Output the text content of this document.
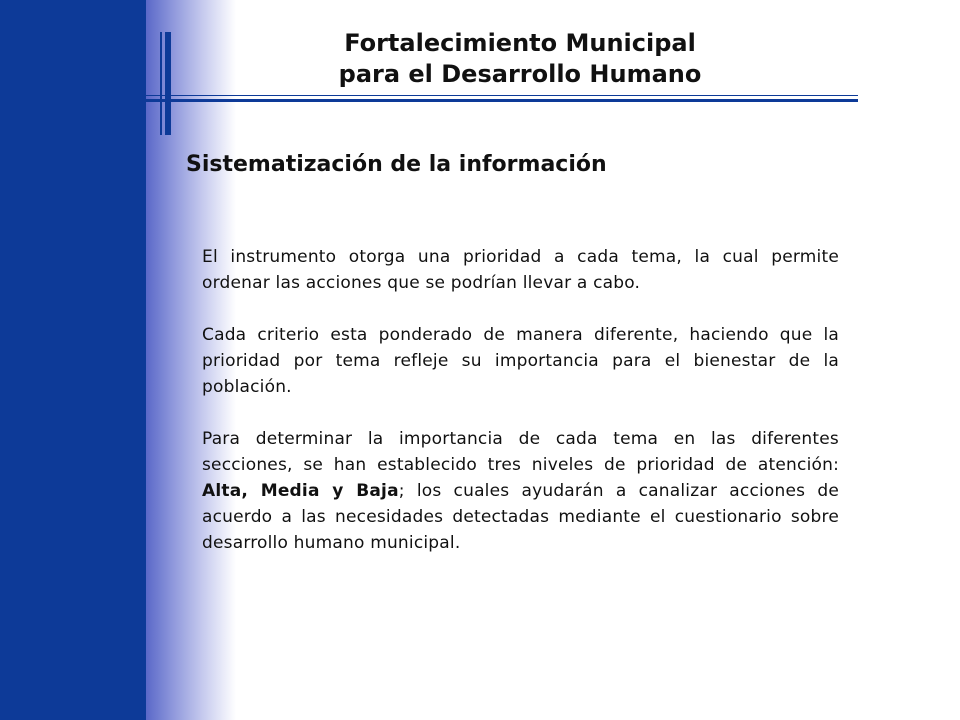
Fortalecimiento Municipal
para el Desarrollo Humano
Sistematización de la información

El instrumento otorga una prioridad a cada tema, la cual permite ordenar las acciones que se podrían llevar a cabo.

Cada criterio esta ponderado de manera diferente, haciendo que la prioridad por tema refleje su importancia para el bienestar de la población.

Para determinar la importancia de cada tema en las diferentes secciones, se han establecido tres niveles de prioridad de atención: Alta, Media y Baja; los cuales ayudarán a canalizar acciones de acuerdo a las necesidades detectadas mediante el cuestionario sobre desarrollo humano municipal.
